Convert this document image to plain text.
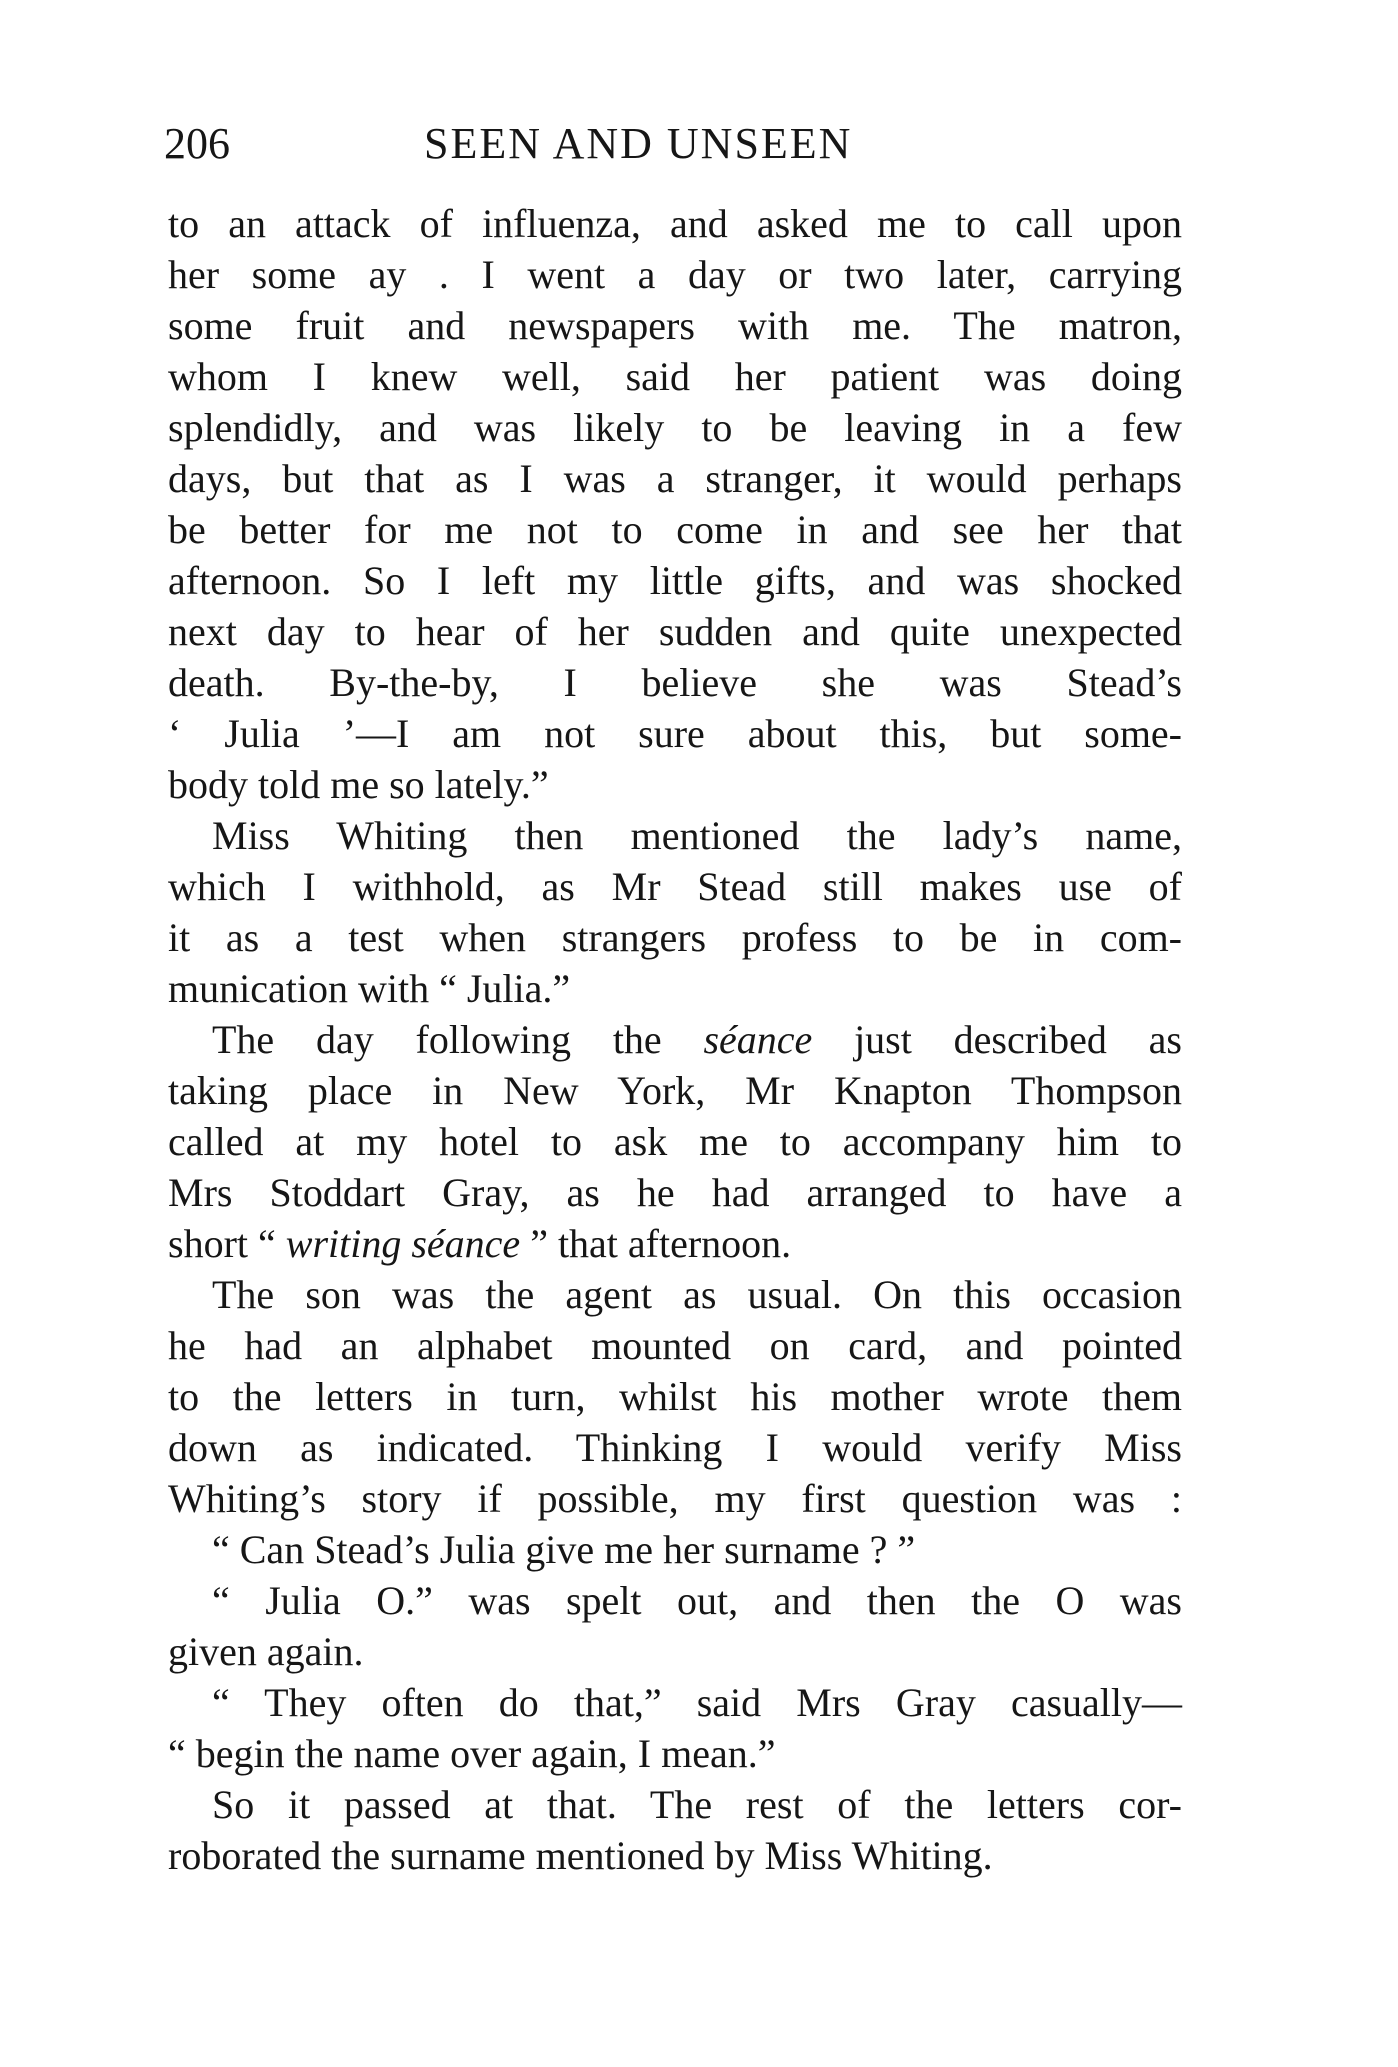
206	SEEN AND UNSEEN
to an attack of influenza, and asked me to call upon
her some ay . I went a day or two later, carrying
some fruit and newspapers with me. The matron,
whom I knew well, said her patient was doing
splendidly, and was likely to be leaving in a few
days, but that as I was a stranger, it would perhaps
be better for me not to come in and see her that
afternoon. So I left my little gifts, and was shocked
next day to hear of her sudden and quite unexpected
death. By-the-by, I believe she was Stead’s
‘ Julia ’—I am not sure about this, but some-
body told me so lately.”
Miss Whiting then mentioned the lady’s name,
which I withhold, as Mr Stead still makes use of
it as a test when strangers profess to be in com-
munication with “ Julia.”
The day following the séance just described as
taking place in New York, Mr Knapton Thompson
called at my hotel to ask me to accompany him to
Mrs Stoddart Gray, as he had arranged to have a
short “ writing séance ” that afternoon.
The son was the agent as usual. On this occasion
he had an alphabet mounted on card, and pointed
to the letters in turn, whilst his mother wrote them
down as indicated. Thinking I would verify Miss
Whiting’s story if possible, my first question was :
“ Can Stead’s Julia give me her surname ? ”
“ Julia O.” was spelt out, and then the O was
given again.
“ They often do that,” said Mrs Gray casually—
“ begin the name over again, I mean.”
So it passed at that. The rest of the letters cor-
roborated the surname mentioned by Miss Whiting.
